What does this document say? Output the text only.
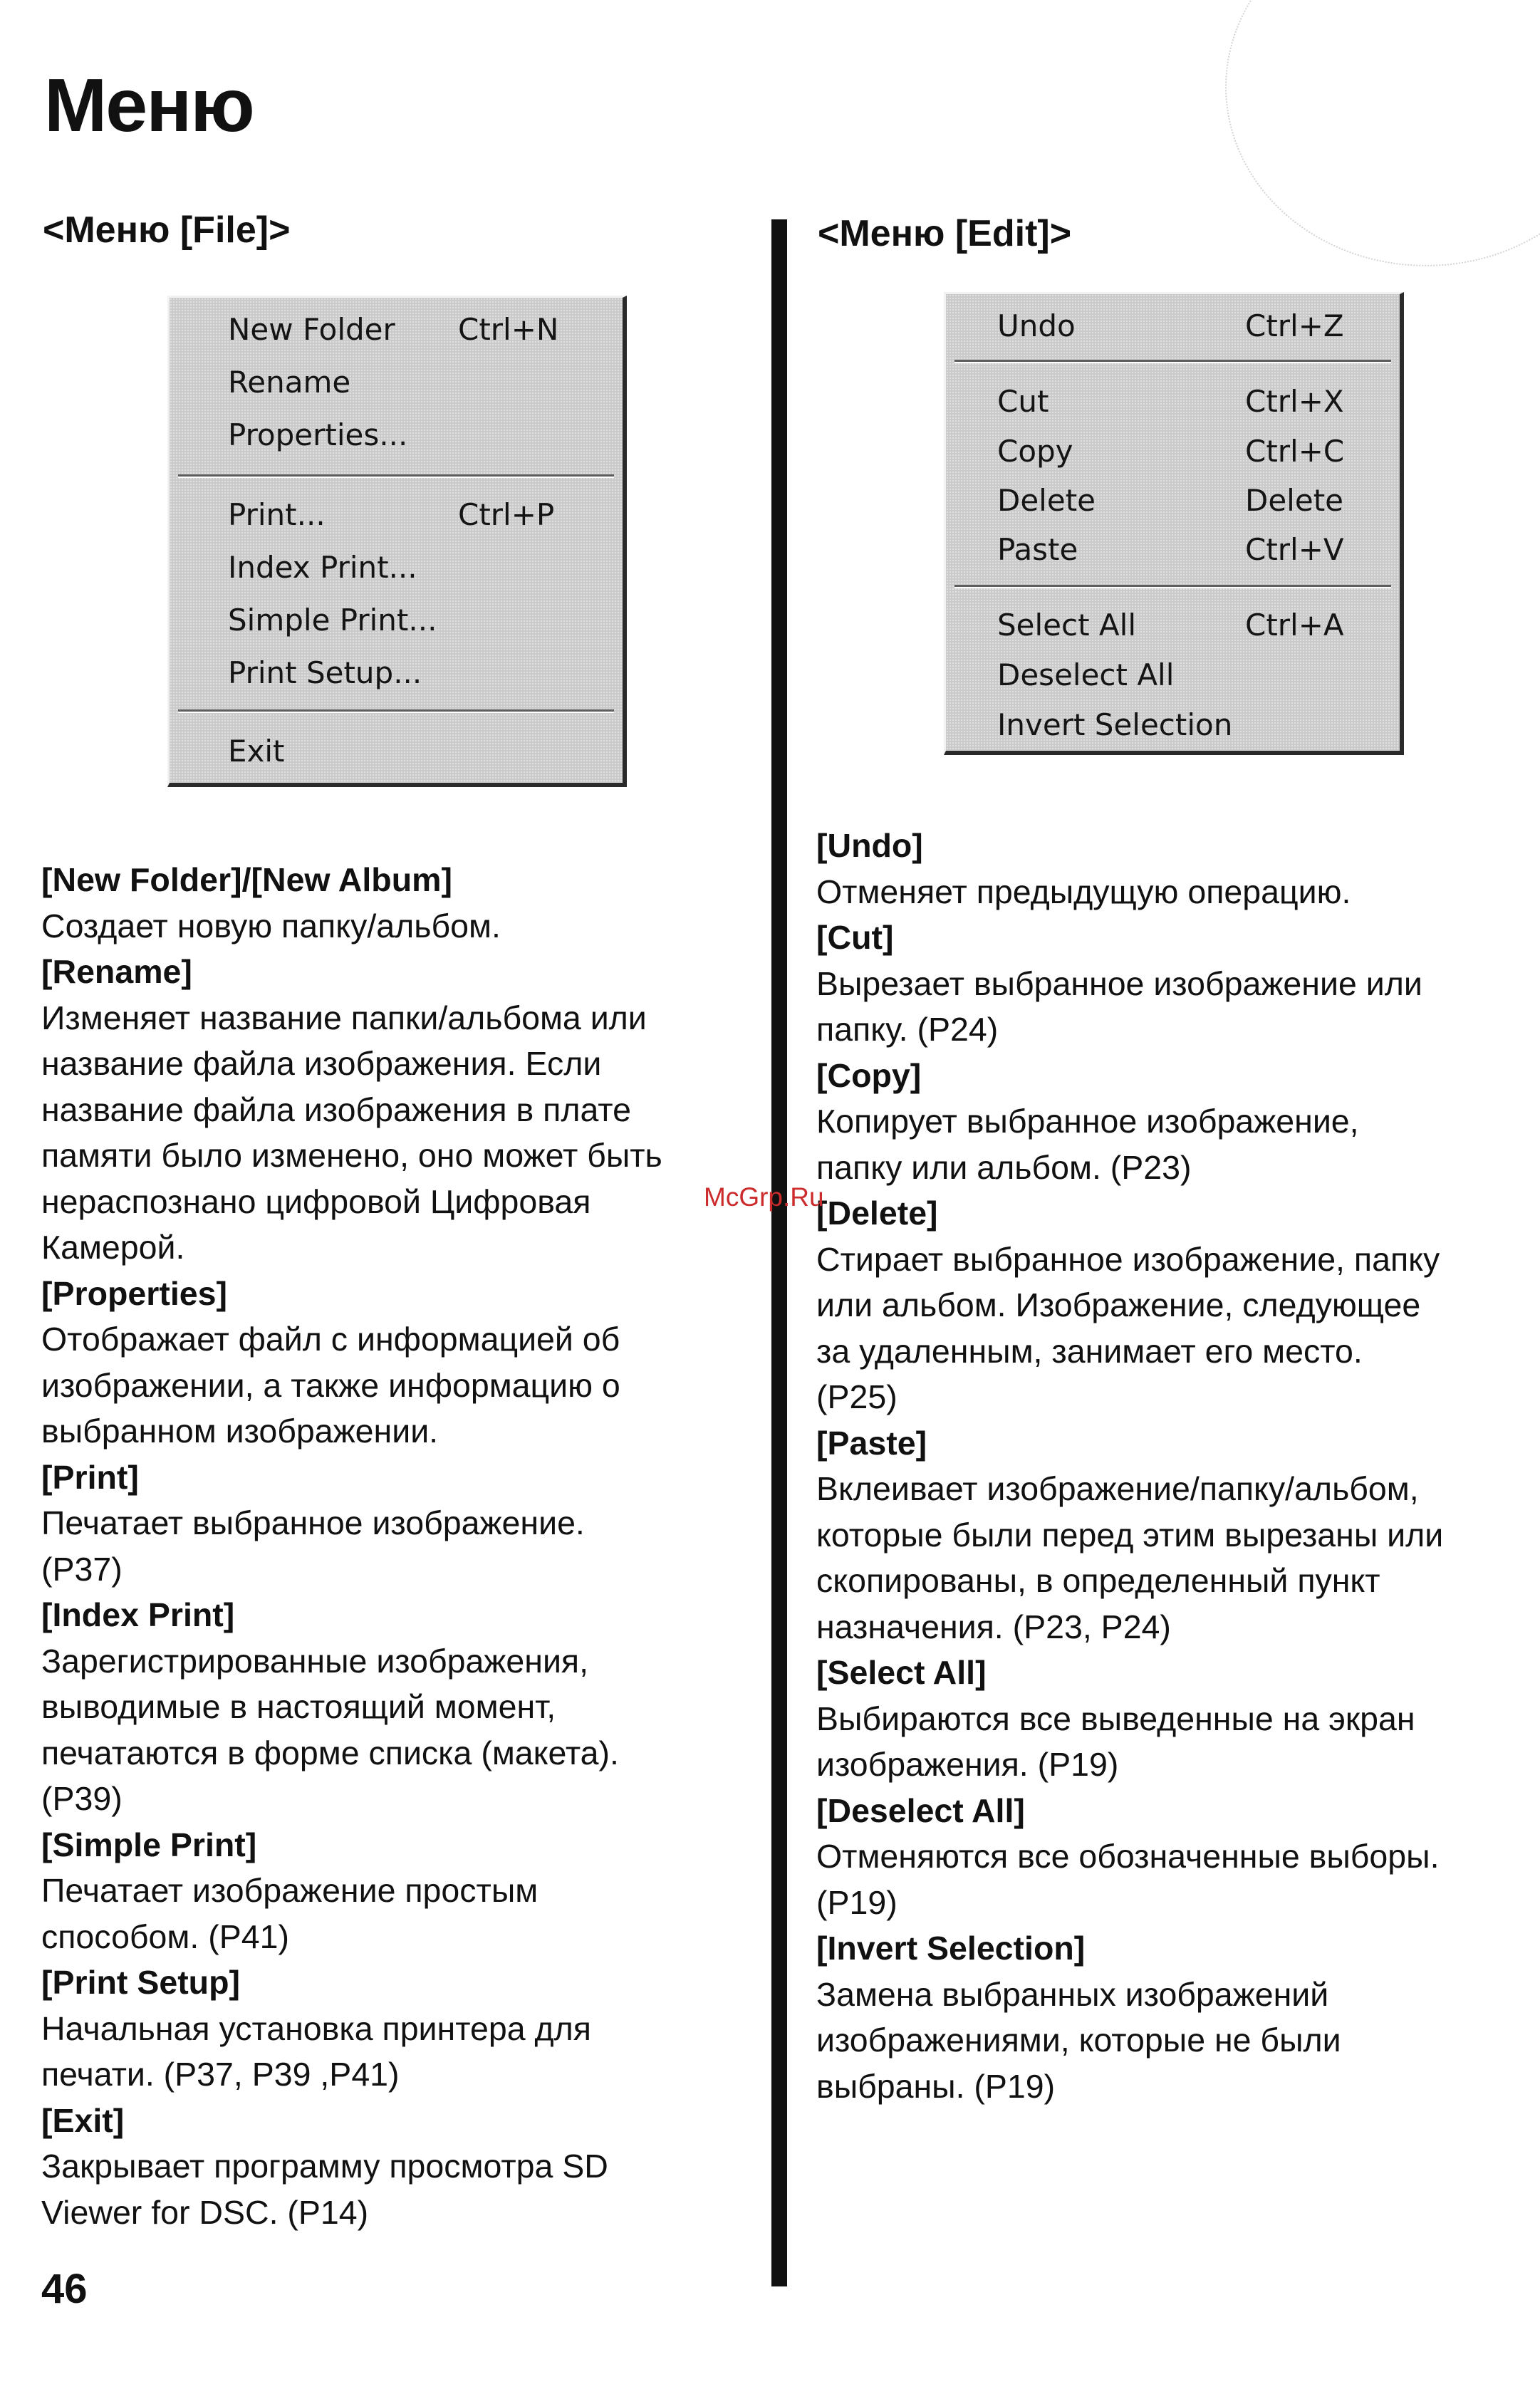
Меню
<Меню [File]>	<Меню [Edit]>
New Folder Ctrl+N
Rename
Properties...
Print...	Ctrl+P
Index Print...
Simple Print...
Print Setup...
Exit
Undo	Ctrl+Z
Cut	Ctrl+X
Copy	Ctrl+C
Delete	Delete
Paste	Ctrl+V
Select All	Ctrl+A
Deselect All
Invert Selection

[New Folder]/[New Album]

Создает новую папку/альбом.

[Rename]

Изменяет название папки/альбома или

название файла изображения. Если

название файла изображения в плате

памяти было изменено, оно может быть

нераспознано цифровой Цифровая

Камерой.

[Properties]

Отображает файл с информацией об

изображении, а также информацию о

выбранном изображении.

[Print]

Печатает выбранное изображение.

(P37)

[Index Print]

Зарегистрированные изображения,

выводимые в настоящий момент,

печатаются в форме списка (макета).

(P39)

[Simple Print]

Печатает изображение простым

способом. (P41)

[Print Setup]

Начальная установка принтера для

печати. (P37, P39 ,P41)

[Exit]

Закрывает программу просмотра SD

Viewer for DSC. (P14)

[Undo]

Отменяет предыдущую операцию.

[Cut]

Вырезает выбранное изображение или

папку. (P24)

[Copy]

Копирует выбранное изображение,

папку или альбом. (P23)

[Delete]

Стирает выбранное изображение, папку

или альбом. Изображение, следующее

за удаленным, занимает его место.

(P25)

[Paste]

Вклеивает изображение/папку/альбом,

которые были перед этим вырезаны или

скопированы, в определенный пункт

назначения. (P23, P24)

[Select All]

Выбираются все выведенные на экран

изображения. (P19)

[Deselect All]

Отменяются все обозначенные выборы.

(P19)

[Invert Selection]

Замена выбранных изображений

изображениями, которые не были

выбраны. (P19)

McGrp.Ru
46
